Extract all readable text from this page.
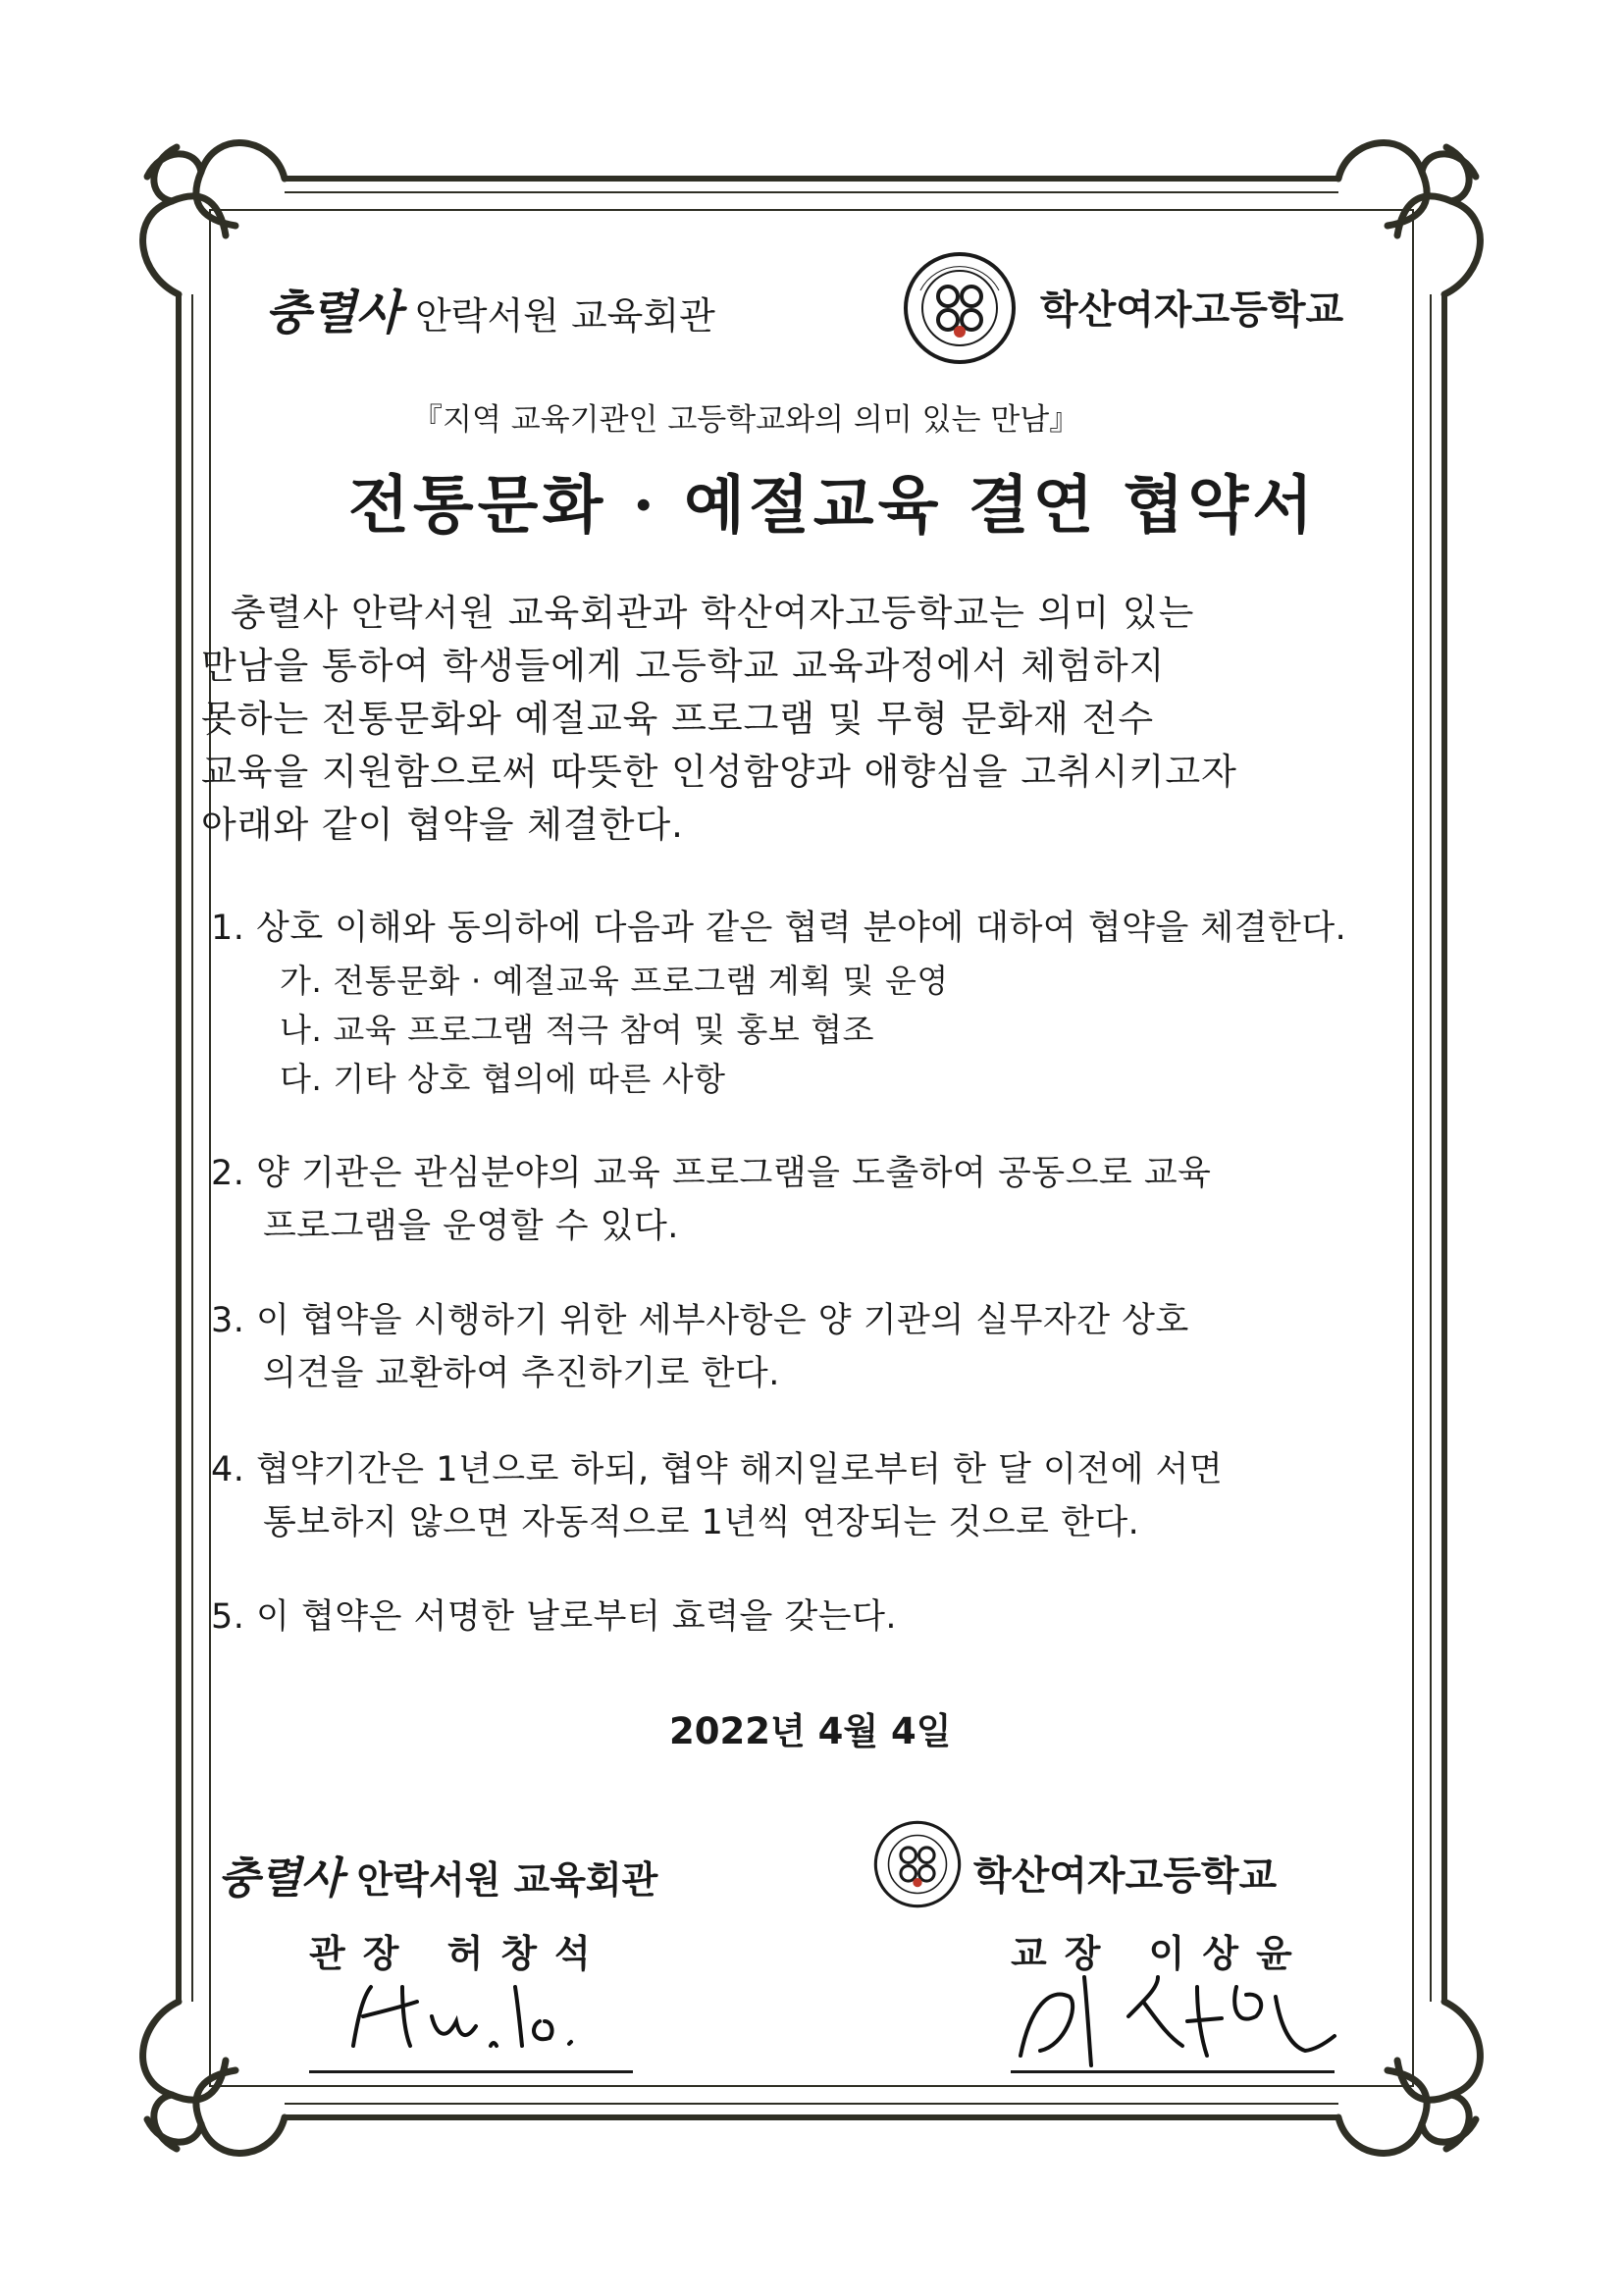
충렬사 안락서원 교육회관	학산여자고등학교
『지역 교육기관인 고등학교와의 의미 있는 만남』
전통문화 · 예절교육 결연 협약서
충렬사 안락서원 교육회관과 학산여자고등학교는 의미 있는
만남을 통하여 학생들에게 고등학교 교육과정에서 체험하지
못하는 전통문화와 예절교육 프로그램 및 무형 문화재 전수
교육을 지원함으로써 따뜻한 인성함양과 애향심을 고취시키고자
아래와 같이 협약을 체결한다.
1. 상호 이해와 동의하에 다음과 같은 협력 분야에 대하여 협약을 체결한다.
가. 전통문화 · 예절교육 프로그램 계획 및 운영
나. 교육 프로그램 적극 참여 및 홍보 협조
다. 기타 상호 협의에 따른 사항
2. 양 기관은 관심분야의 교육 프로그램을 도출하여 공동으로 교육
프로그램을 운영할 수 있다.
3. 이 협약을 시행하기 위한 세부사항은 양 기관의 실무자간 상호
의견을 교환하여 추진하기로 한다.
4. 협약기간은 1년으로 하되, 협약 해지일로부터 한 달 이전에 서면
통보하지 않으면 자동적으로 1년씩 연장되는 것으로 한다.
5. 이 협약은 서명한 날로부터 효력을 갖는다.
2022년 4월 4일
충렬사 안락서원 교육회관
관장 허창석
학산여자고등학교
교장 이상윤
